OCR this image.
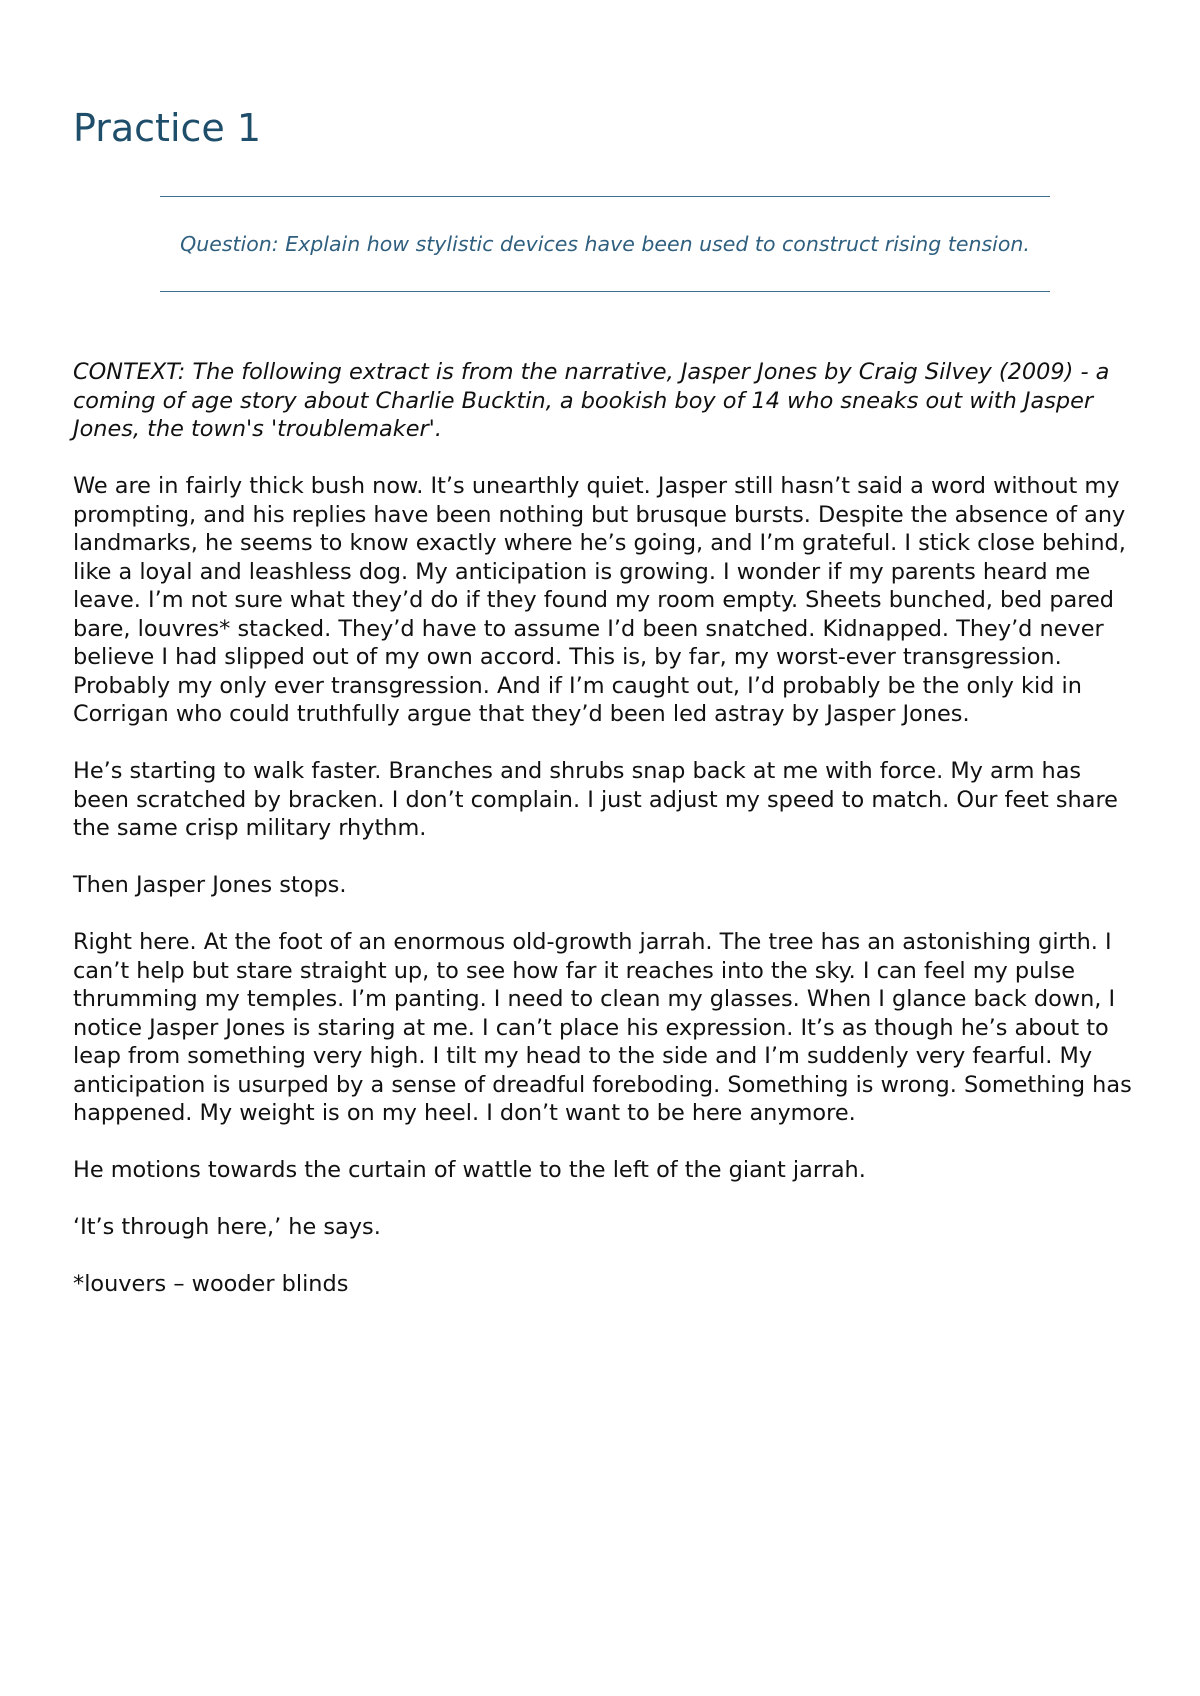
Practice 1

Question: Explain how stylistic devices have been used to construct rising tension.

CONTEXT: The following extract is from the narrative, Jasper Jones by Craig Silvey (2009) - a coming of age story about Charlie Bucktin, a bookish boy of 14 who sneaks out with Jasper Jones, the town's 'troublemaker'.

We are in fairly thick bush now. It’s unearthly quiet. Jasper still hasn’t said a word without my prompting, and his replies have been nothing but brusque bursts. Despite the absence of any landmarks, he seems to know exactly where he’s going, and I’m grateful. I stick close behind, like a loyal and leashless dog. My anticipation is growing. I wonder if my parents heard me leave. I’m not sure what they’d do if they found my room empty. Sheets bunched, bed pared bare, louvres* stacked. They’d have to assume I’d been snatched. Kidnapped. They’d never believe I had slipped out of my own accord. This is, by far, my worst-ever transgression. Probably my only ever transgression. And if I’m caught out, I’d probably be the only kid in Corrigan who could truthfully argue that they’d been led astray by Jasper Jones.

He’s starting to walk faster. Branches and shrubs snap back at me with force. My arm has been scratched by bracken. I don’t complain. I just adjust my speed to match. Our feet share the same crisp military rhythm.

Then Jasper Jones stops.

Right here. At the foot of an enormous old-growth jarrah. The tree has an astonishing girth. I can’t help but stare straight up, to see how far it reaches into the sky. I can feel my pulse thrumming my temples. I’m panting. I need to clean my glasses. When I glance back down, I notice Jasper Jones is staring at me. I can’t place his expression. It’s as though he’s about to leap from something very high. I tilt my head to the side and I’m suddenly very fearful. My anticipation is usurped by a sense of dreadful foreboding. Something is wrong. Something has happened. My weight is on my heel. I don’t want to be here anymore.

He motions towards the curtain of wattle to the left of the giant jarrah.

‘It’s through here,’ he says.

*louvers – wooder blinds
